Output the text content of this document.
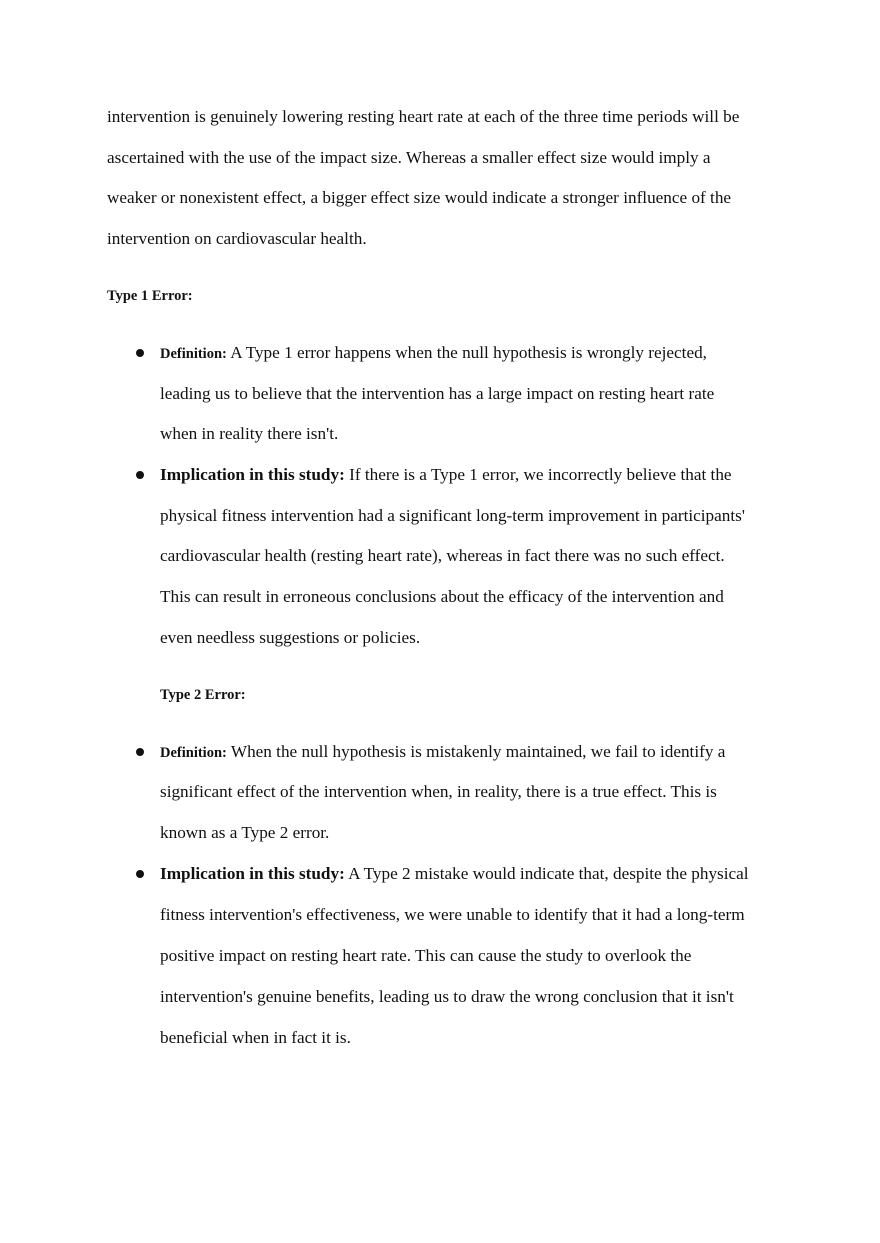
intervention is genuinely lowering resting heart rate at each of the three time periods will be
ascertained with the use of the impact size. Whereas a smaller effect size would imply a
weaker or nonexistent effect, a bigger effect size would indicate a stronger influence of the
intervention on cardiovascular health.
Type 1 Error:
Definition: A Type 1 error happens when the null hypothesis is wrongly rejected,
leading us to believe that the intervention has a large impact on resting heart rate
when in reality there isn't.
Implication in this study: If there is a Type 1 error, we incorrectly believe that the
physical fitness intervention had a significant long-term improvement in participants'
cardiovascular health (resting heart rate), whereas in fact there was no such effect.
This can result in erroneous conclusions about the efficacy of the intervention and
even needless suggestions or policies.
Type 2 Error:
Definition: When the null hypothesis is mistakenly maintained, we fail to identify a
significant effect of the intervention when, in reality, there is a true effect. This is
known as a Type 2 error.
Implication in this study: A Type 2 mistake would indicate that, despite the physical
fitness intervention's effectiveness, we were unable to identify that it had a long-term
positive impact on resting heart rate. This can cause the study to overlook the
intervention's genuine benefits, leading us to draw the wrong conclusion that it isn't
beneficial when in fact it is.
